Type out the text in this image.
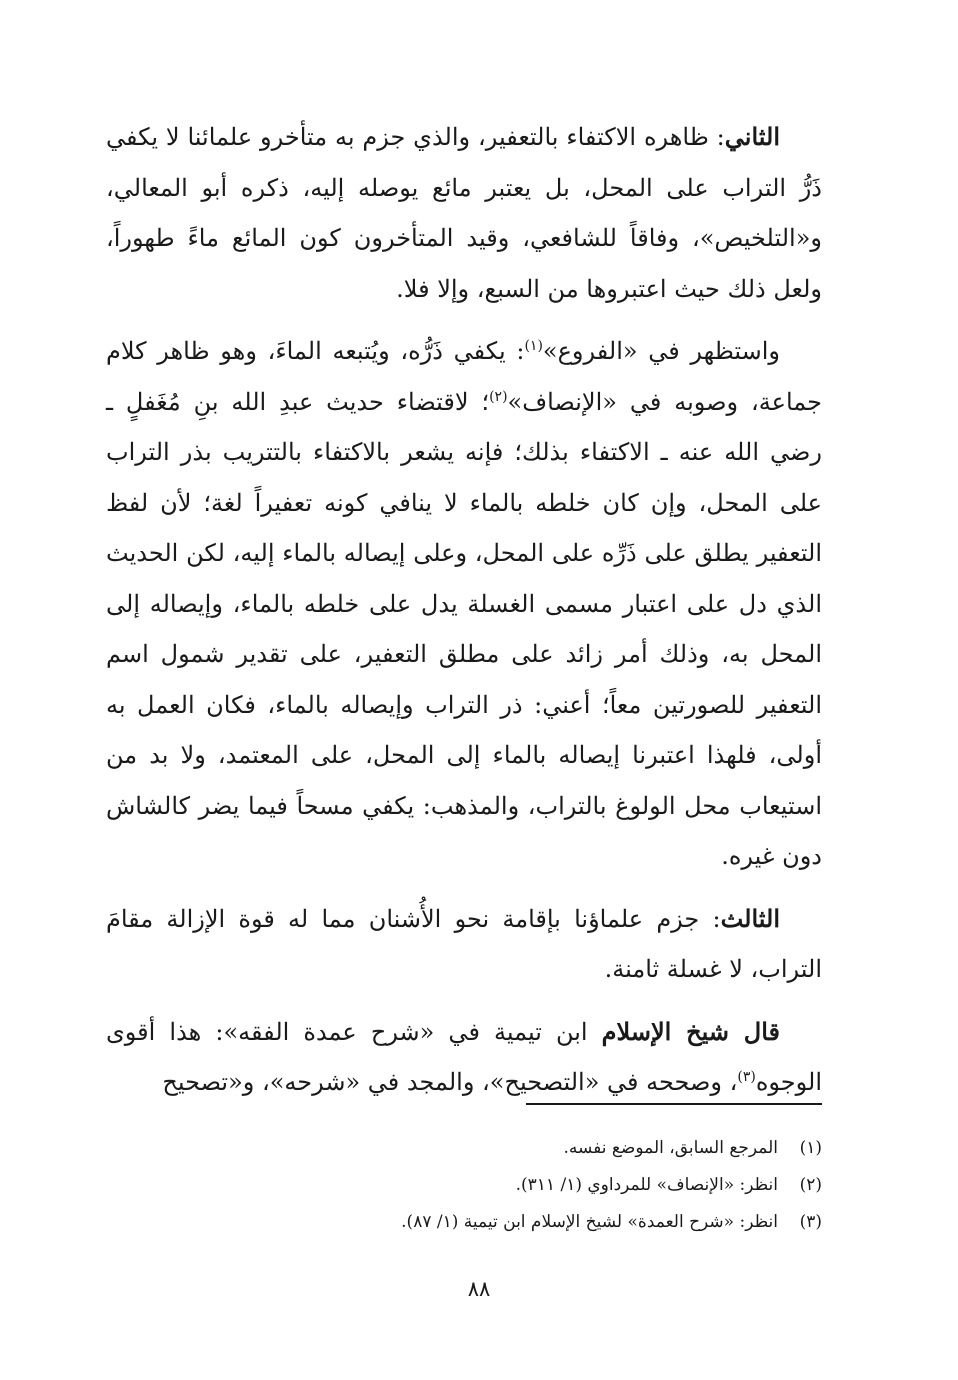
الثاني: ظاهره الاكتفاء بالتعفير، والذي جزم به متأخرو علمائنا لا يكفي ذَرُّ التراب على المحل، بل يعتبر مائع يوصله إليه، ذكره أبو المعالي، و«التلخيص»، وفاقاً للشافعي، وقيد المتأخرون كون المائع ماءً طهوراً، ولعل ذلك حيث اعتبروها من السبع، وإلا فلا.

واستظهر في «الفروع»$^{(١)}$: يكفي ذَرُّه، ويُتبعه الماءَ، وهو ظاهر كلام جماعة، وصوبه في «الإنصاف»$^{(٢)}$؛ لاقتضاء حديث عبدِ الله بنِ مُغَفلٍ ـ رضي الله عنه ـ الاكتفاء بذلك؛ فإنه يشعر بالاكتفاء بالتتريب بذر التراب على المحل، وإن كان خلطه بالماء لا ينافي كونه تعفيراً لغة؛ لأن لفظ التعفير يطلق على ذَرِّه على المحل، وعلى إيصاله بالماء إليه، لكن الحديث الذي دل على اعتبار مسمى الغسلة يدل على خلطه بالماء، وإيصاله إلى المحل به، وذلك أمر زائد على مطلق التعفير، على تقدير شمول اسم التعفير للصورتين معاً؛ أعني: ذر التراب وإيصاله بالماء، فكان العمل به أولى، فلهذا اعتبرنا إيصاله بالماء إلى المحل، على المعتمد، ولا بد من استيعاب محل الولوغ بالتراب، والمذهب: يكفي مسحاً فيما يضر كالشاش دون غيره.

الثالث: جزم علماؤنا بإقامة نحو الأُشنان مما له قوة الإزالة مقامَ التراب، لا غسلة ثامنة.

قال شيخ الإسلام ابن تيمية في «شرح عمدة الفقه»: هذا أقوى الوجوه$^{(٣)}$، وصححه في «التصحيح»، والمجد في «شرحه»، و«تصحيح

(١)
المرجع السابق، الموضع نفسه.
(٢)
انظر: «الإنصاف» للمرداوي (١/ ٣١١).
(٣)
انظر: «شرح العمدة» لشيخ الإسلام ابن تيمية (١/ ٨٧).
٨٨
